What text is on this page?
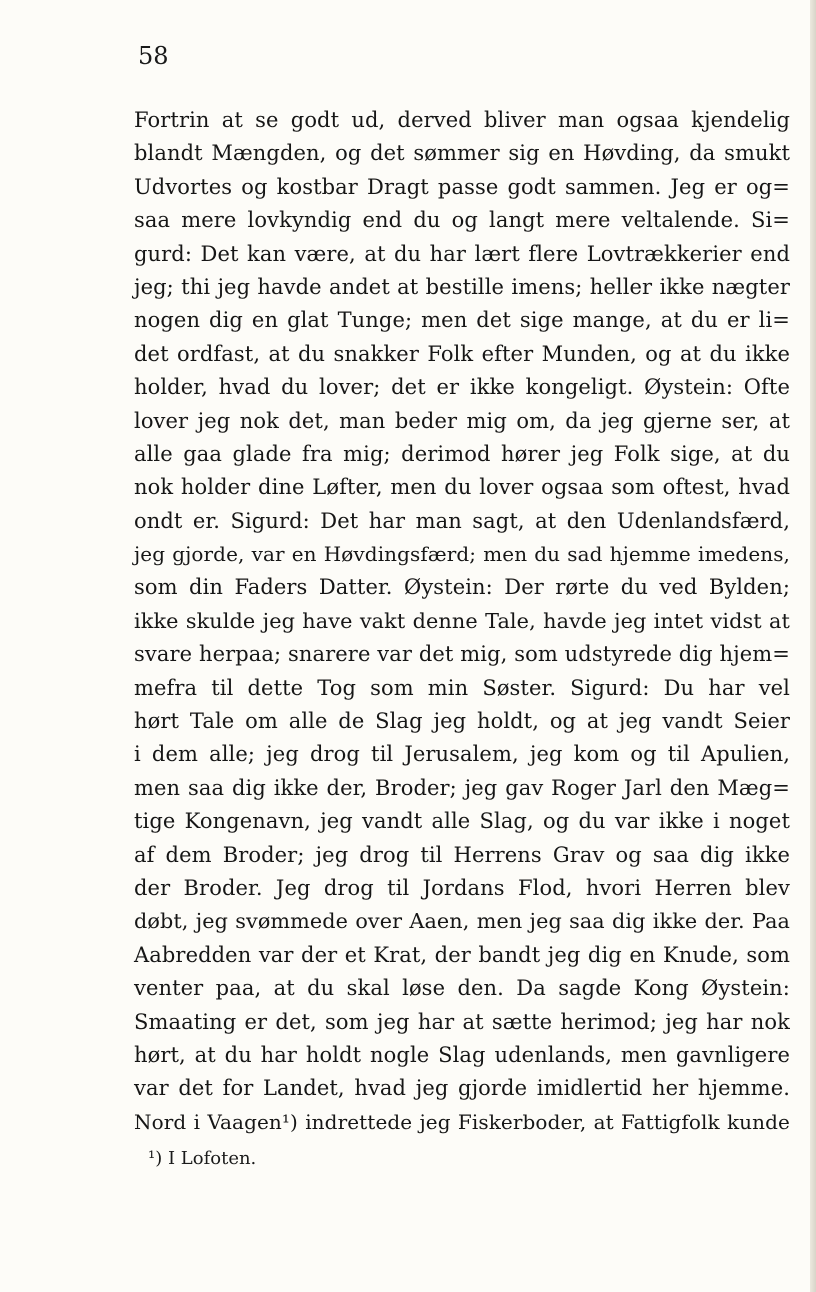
58
Fortrin at se godt ud, derved bliver man ogsaa kjendelig
blandt Mængden, og det sømmer sig en Høvding, da smukt
Udvortes og kostbar Dragt passe godt sammen. Jeg er og=
saa mere lovkyndig end du og langt mere veltalende. Si=
gurd: Det kan være, at du har lært flere Lovtrækkerier end
jeg; thi jeg havde andet at bestille imens; heller ikke nægter
nogen dig en glat Tunge; men det sige mange, at du er li=
det ordfast, at du snakker Folk efter Munden, og at du ikke
holder, hvad du lover; det er ikke kongeligt. Øystein: Ofte
lover jeg nok det, man beder mig om, da jeg gjerne ser, at
alle gaa glade fra mig; derimod hører jeg Folk sige, at du
nok holder dine Løfter, men du lover ogsaa som oftest, hvad
ondt er. Sigurd: Det har man sagt, at den Udenlandsfærd,
jeg gjorde, var en Høvdingsfærd; men du sad hjemme imedens,
som din Faders Datter. Øystein: Der rørte du ved Bylden;
ikke skulde jeg have vakt denne Tale, havde jeg intet vidst at
svare herpaa; snarere var det mig, som udstyrede dig hjem=
mefra til dette Tog som min Søster. Sigurd: Du har vel
hørt Tale om alle de Slag jeg holdt, og at jeg vandt Seier
i dem alle; jeg drog til Jerusalem, jeg kom og til Apulien,
men saa dig ikke der, Broder; jeg gav Roger Jarl den Mæg=
tige Kongenavn, jeg vandt alle Slag, og du var ikke i noget
af dem Broder; jeg drog til Herrens Grav og saa dig ikke
der Broder. Jeg drog til Jordans Flod, hvori Herren blev
døbt, jeg svømmede over Aaen, men jeg saa dig ikke der. Paa
Aabredden var der et Krat, der bandt jeg dig en Knude, som
venter paa, at du skal løse den. Da sagde Kong Øystein:
Smaating er det, som jeg har at sætte herimod; jeg har nok
hørt, at du har holdt nogle Slag udenlands, men gavnligere
var det for Landet, hvad jeg gjorde imidlertid her hjemme.
Nord i Vaagen¹) indrettede jeg Fiskerboder, at Fattigfolk kunde
¹) I Lofoten.
